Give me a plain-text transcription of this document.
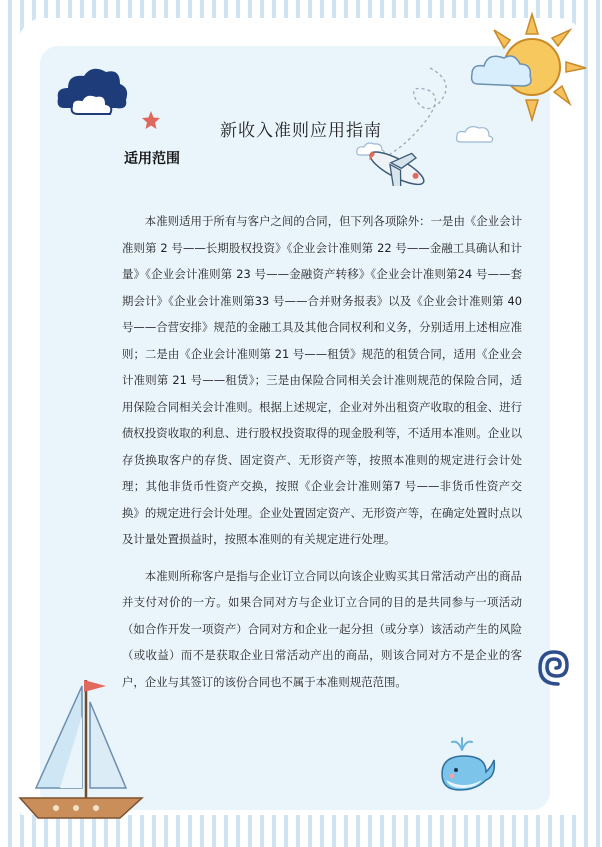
新收入准则应用指南
适用范围

本准则适用于所有与客户之间的合同，但下列各项除外：一是由《企业会计准则第 2 号——长期股权投资》《企业会计准则第 22 号——金融工具确认和计量》《企业会计准则第 23 号——金融资产转移》《企业会计准则第24 号——套期会计》《企业会计准则第33 号——合并财务报表》以及《企业会计准则第 40 号——合营安排》规范的金融工具及其他合同权利和义务，分别适用上述相应准则；二是由《企业会计准则第 21 号——租赁》规范的租赁合同，适用《企业会计准则第 21 号——租赁》；三是由保险合同相关会计准则规范的保险合同，适用保险合同相关会计准则。根据上述规定，企业对外出租资产收取的租金、进行债权投资收取的利息、进行股权投资取得的现金股利等，不适用本准则。企业以存货换取客户的存货、固定资产、无形资产等，按照本准则的规定进行会计处理；其他非货币性资产交换，按照《企业会计准则第7 号——非货币性资产交换》的规定进行会计处理。企业处置固定资产、无形资产等，在确定处置时点以及计量处置损益时，按照本准则的有关规定进行处理。

本准则所称客户是指与企业订立合同以向该企业购买其日常活动产出的商品并支付对价的一方。如果合同对方与企业订立合同的目的是共同参与一项活动（如合作开发一项资产）合同对方和企业一起分担（或分享）该活动产生的风险（或收益）而不是获取企业日常活动产出的商品，则该合同对方不是企业的客户，企业与其签订的该份合同也不属于本准则规范范围。
